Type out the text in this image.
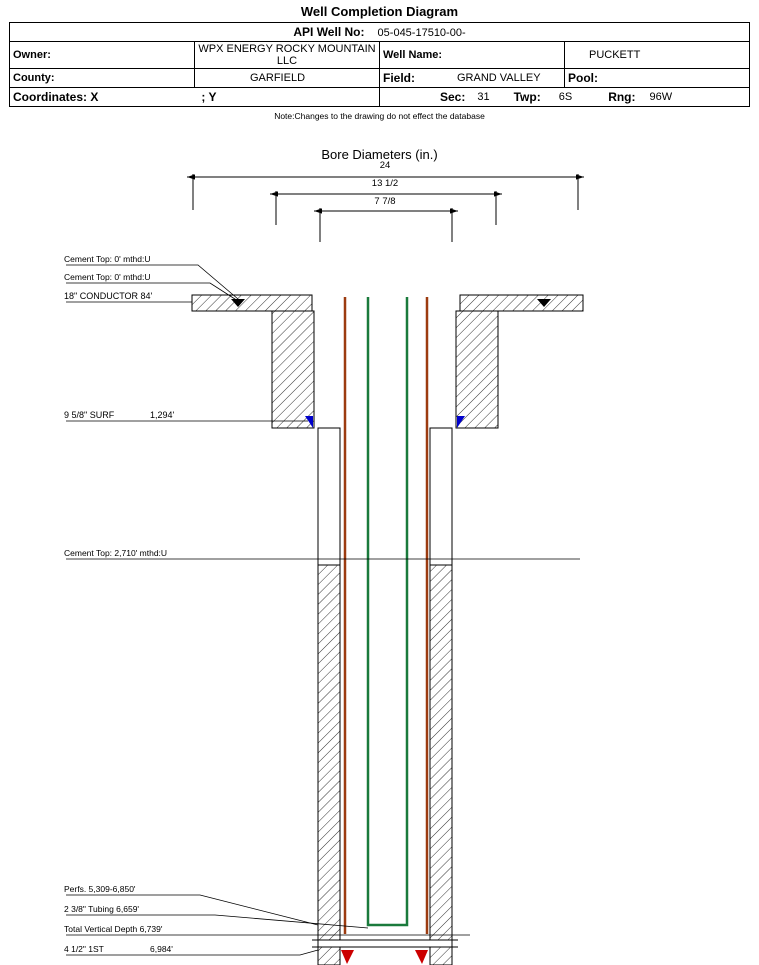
Well Completion Diagram
API Well No: 05-045-17510-00-			
Owner:	WPX ENERGY ROCKY MOUNTAIN LLC	Well Name:	PUCKETT
County:	GARFIELD	Field: GRAND VALLEY	Pool:
Coordinates: X	; Y	Sec: 31 Twp: 6S	Rng: 96W
Note:Changes to the drawing do not effect the database
Bore Diameters (in.)
24
13 1/2
7 7/8
Cement Top: 0' mthd:U
Cement Top: 0' mthd:U
18" CONDUCTOR 84'
9 5/8" SURF	1,294'
Cement Top: 2,710' mthd:U
Perfs. 5,309-6,850'
2 3/8" Tubing 6,659'
Total Vertical Depth 6,739'
4 1/2" 1ST	6,984'
